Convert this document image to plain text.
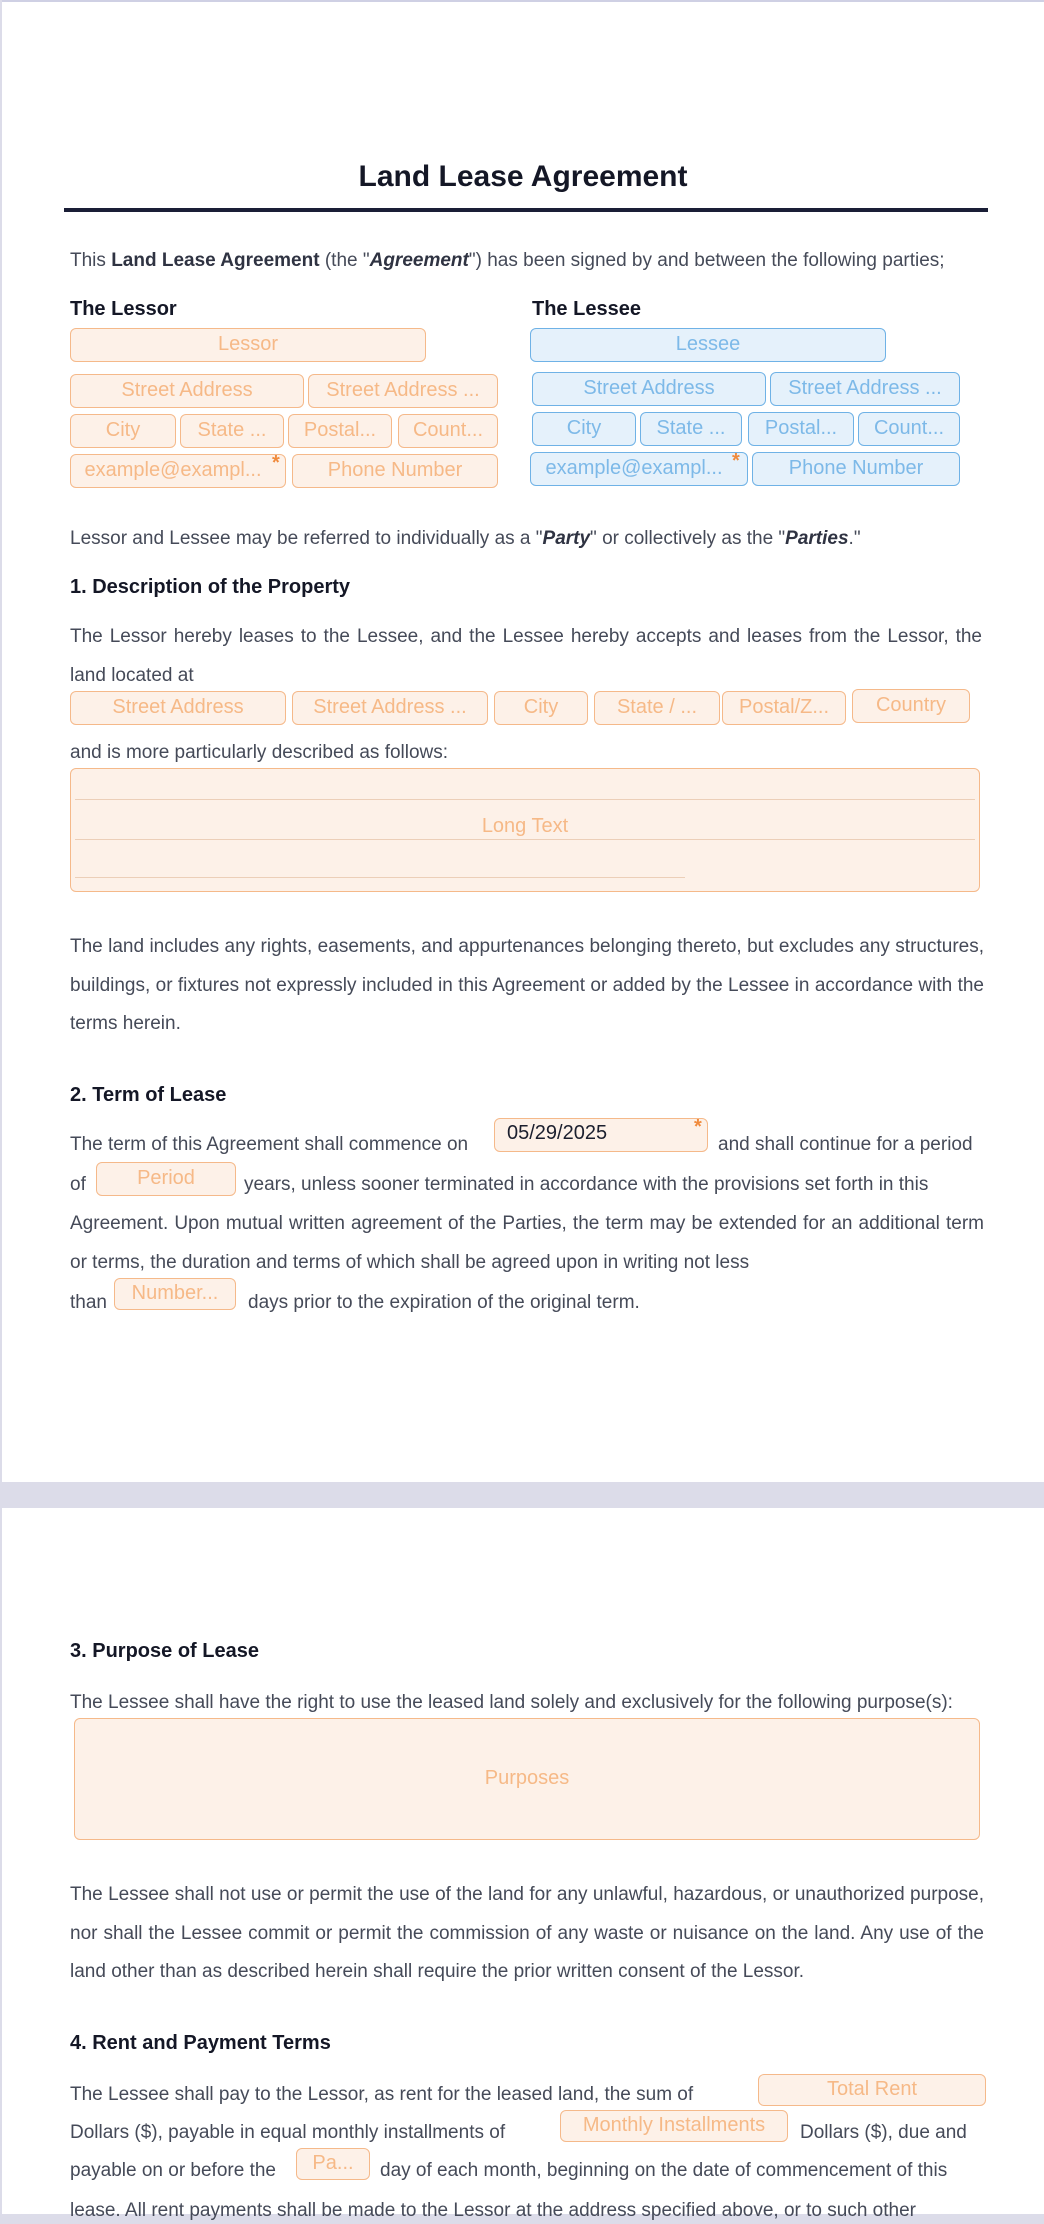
Land Lease Agreement
This Land Lease Agreement (the "Agreement") has been signed by and between the following parties;
The Lessor
Lessor
Street Address	Street Address ...
City	State ...	Postal...	Count...
example@exampl... *	Phone Number
The Lessee
Lessee
Street Address	Street Address ...
City	State ...	Postal...	Count...
example@exampl... *	Phone Number
Lessor and Lessee may be referred to individually as a "Party" or collectively as the "Parties."
1. Description of the Property
The Lessor hereby leases to the Lessee, and the Lessee hereby accepts and leases from the Lessor, the land located at
Street Address	Street Address ...	City	State / ...	Postal/Z...	Country
and is more particularly described as follows:
Long Text
The land includes any rights, easements, and appurtenances belonging thereto, but excludes any structures, buildings, or fixtures not expressly included in this Agreement or added by the Lessee in accordance with the terms herein.
2. Term of Lease
The term of this Agreement shall commence on
05/29/2025	*
and shall continue for a period
of	Period	years, unless sooner terminated in accordance with the provisions set forth in this
Agreement. Upon mutual written agreement of the Parties, the term may be extended for an additional term or terms, the duration and terms of which shall be agreed upon in writing not less
than	Number...	days prior to the expiration of the original term.
3. Purpose of Lease
The Lessee shall have the right to use the leased land solely and exclusively for the following purpose(s):
Purposes
The Lessee shall not use or permit the use of the land for any unlawful, hazardous, or unauthorized purpose, nor shall the Lessee commit or permit the commission of any waste or nuisance on the land. Any use of the land other than as described herein shall require the prior written consent of the Lessor.
4. Rent and Payment Terms
The Lessee shall pay to the Lessor, as rent for the leased land, the sum of	Total Rent
Dollars ($), payable in equal monthly installments of	Monthly Installments	Dollars ($), due and
payable on or before the	Pa...	day of each month, beginning on the date of commencement of this
lease. All rent payments shall be made to the Lessor at the address specified above, or to such other
